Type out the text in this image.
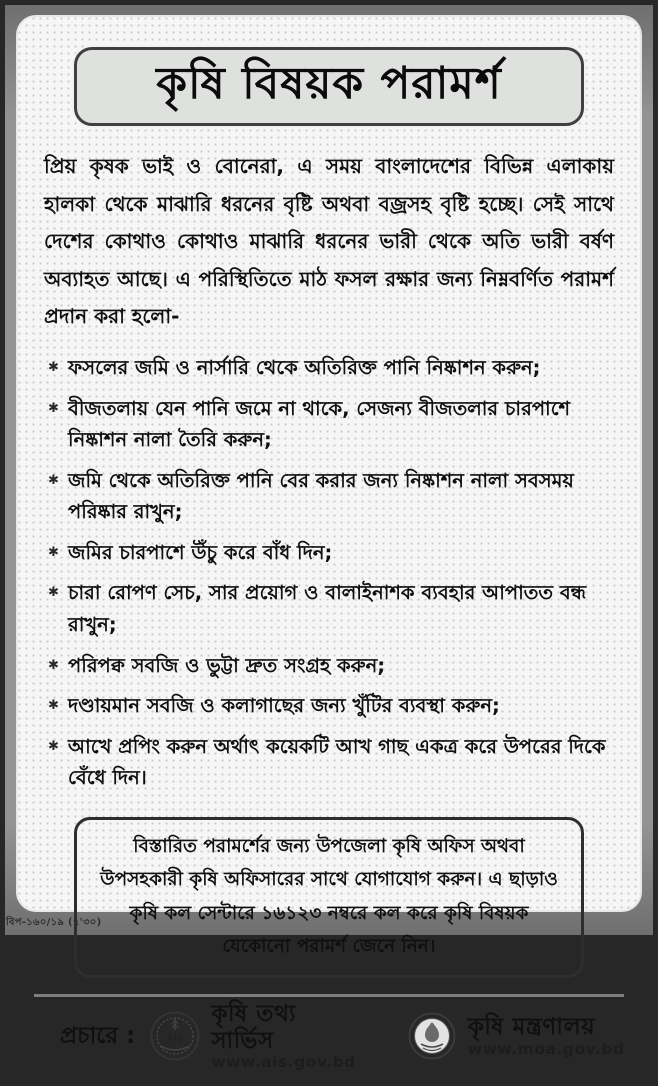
কৃষি বিষয়ক পরামর্শ

প্রিয় কৃষক ভাই ও বোনেরা, এ সময় বাংলাদেশের বিভিন্ন এলাকায় হালকা থেকে মাঝারি ধরনের বৃষ্টি অথবা বজ্রসহ বৃষ্টি হচ্ছে। সেই সাথে দেশের কোথাও কোথাও মাঝারি ধরনের ভারী থেকে অতি ভারী বর্ষণ অব্যাহত আছে। এ পরিস্থিতিতে মাঠ ফসল রক্ষার জন্য নিম্নবর্ণিত পরামর্শ প্রদান করা হলো-

✱ ফসলের জমি ও নার্সারি থেকে অতিরিক্ত পানি নিষ্কাশন করুন;
✱ বীজতলায় যেন পানি জমে না থাকে, সেজন্য বীজতলার চারপাশে নিষ্কাশন নালা তৈরি করুন;
✱ জমি থেকে অতিরিক্ত পানি বের করার জন্য নিষ্কাশন নালা সবসময় পরিষ্কার রাখুন;
✱ জমির চারপাশে উঁচু করে বাঁধ দিন;
✱ চারা রোপণ সেচ, সার প্রয়োগ ও বালাইনাশক ব্যবহার আপাতত বন্ধ রাখুন;
✱ পরিপক্ব সবজি ও ভুট্টা দ্রুত সংগ্রহ করুন;
✱ দণ্ডায়মান সবজি ও কলাগাছের জন্য খুঁটির ব্যবস্থা করুন;
✱ আখে প্রপিং করুন অর্থাৎ কয়েকটি আখ গাছ একত্র করে উপরের দিকে বেঁধে দিন।
বিস্তারিত পরামর্শের জন্য উপজেলা কৃষি অফিস অথবা উপসহকারী কৃষি অফিসারের সাথে যোগাযোগ করুন। এ ছাড়াও কৃষি কল সেন্টারে ১৬১২৩ নম্বরে কল করে কৃষি বিষয়ক যেকোনো পরামর্শ জেনে নিন।
প্রচারে :	AIS
কৃষি তথ্য সার্ভিস
www.ais.gov.bd
কৃষি মন্ত্রণালয়
www.moa.gov.bd
বিপ-১৬০/১৯ (৭'৩০)
